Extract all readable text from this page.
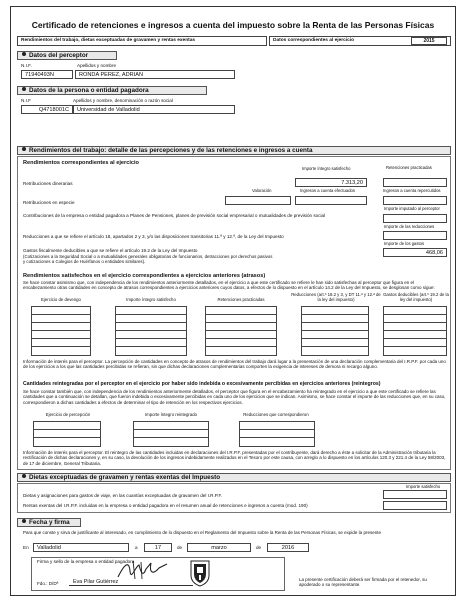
Certificado de retenciones e ingresos a cuenta del impuesto sobre la Renta de las Personas Físicas
Rendimientos del trabajo, dietas exceptuadas de gravamen y rentas exentas	Datos correspondientes al ejercicio	2015
Datos del perceptor
N.I.F.	Apellidos y nombre
71940493N	RONDA PEREZ, ADRIAN
Datos de la persona o entidad pagadora
N.I.F	Apellidos y nombre, denominación o razón social
Q4718001C	Universidad de Valladolid
Rendimientos del trabajo: detalle de las percepciones y de las retenciones e ingresos a cuenta
Rendimientos correspondientes al ejercicio
Importe íntegro satisfecho	Retenciones practicadas
Retribuciones dinerarias	7.313,20
Valoración	Ingresos a cuenta efectuados	Ingresos a cuenta repercutidos
Retribuciones en especie
Importe imputado al perceptor
Contribuciones de la empresa o entidad pagadora a Planes de Pensiones, planes de previsión social empresarial o mutualidades de previsión social
Importe de las reducciones
Reducciones a que se refiere el artículo 18, apartados 2 y 3, y/o las disposiciones transitorias 11.ª y 12.ª, de la Ley del Impuesto
Importe de los gastos
Gastos fiscalmente deducibles a que se refiere el artículo 19.2 de la Ley del Impuesto	468,06
(Cotizaciones a la Seguridad Social o a mutualidades generales obligatorias de funcionarios, detracciones por derechos pasivos y cotizaciones a Colegios de Huérfanos o entidades similares).
Rendimientos satisfechos en el ejercicio correspondientes a ejercicios anteriores (atrasos)
Se hace constar asimismo que, con independencia de los rendimientos anteriormente detallados, en el ejercicio a que este certificado se refiere le han sido satisfechas al perceptor que figura en el encabezamiento otras cantidades en concepto de atrasos correspondientes a ejercicios anteriores cuyos datos, a efectos de lo dispuesto en el artículo 14.2 de la Ley del Impuesto, se desglosan como sigue:
Ejercicio de devengo	Importe íntegro satisfecho	Retenciones practicadas
Reducciones (art.º 18.2 y 3, y DT 11.ª y 12.ª de la ley del impuesto)
Gastos deducibles (art.º 19.2 de la ley del impuesto)
Información de interés para el perceptor. La percepción de cantidades en concepto de atrasos de rendimientos del trabajo dará lugar a la presentación de una declaración complementaria del I.R.P.F. por cada uno de los ejercicios a los que las cantidades percibidas se refieran, sin que dichas declaraciones complementarias comporten la exigencia de intereses de demora ni recargo alguno.
Cantidades reintegradas por el perceptor en el ejercicio por haber sido indebida o excesivamente percibidas en ejercicios anteriores (reintegros)
Se hace constar también que, con independencia de los rendimientos anteriormente detallados, el perceptor que figura en el encabezamiento ha reintegrado en el ejercicio a que este certificado se refiere las cantidades que a continuación se detallan, que fueron indebida o excesivamente percibidas en cada uno de los ejercicios que se indican. Asimismo, se hace constar el importe de las reducciones que, en su caso, correspondieron a dichas cantidades a efectos de determinar el tipo de retención en los respectivos ejercicios.
Ejercicio de percepción	Importe íntegro reintegrado	Reducciones que correspondieron
Información de interés para el perceptor. El reintegro de las cantidades incluidas en declaraciones del I.R.P.F. presentadas por el contribuyente, dará derecho a éste a solicitar de la Administración tributaria la rectificación de dichas declaraciones y, en su caso, la devolución de los ingresos indebidamente realizados en el Tesoro por este causa, con arreglo a lo dispuesto en los artículos 120.3 y 221.4 de la Ley 58/2003, de 17 de diciembre, General Tributaria.
Dietas exceptuadas de gravamen y rentas exentas del Impuesto
Importe satisfecho
Dietas y asignaciones para gastos de viaje, en las cuantías exceptuadas de gravamen del I.R.P.F.
Rentas exentas del I.R.P.F. incluidas en la empresa o entidad pagadora en el resumen anual de retenciones e ingresos a cuenta (mod. 190)
Fecha y firma
Para que conste y sirva de justificante al interesado, en cumplimiento de lo dispuesto en el Reglamento del Impuesto sobre la Renta de las Personas Físicas, se expide la presente
En	Valladolid	a	17	de	marzo	de	2016
Firma y sello de la empresa o entidad pagadora
Fdo.: D/Dª	Eva Pilar Gutiérrez	La presente certificación deberá ser firmada por el retenedor, su apoderado o su representante.
